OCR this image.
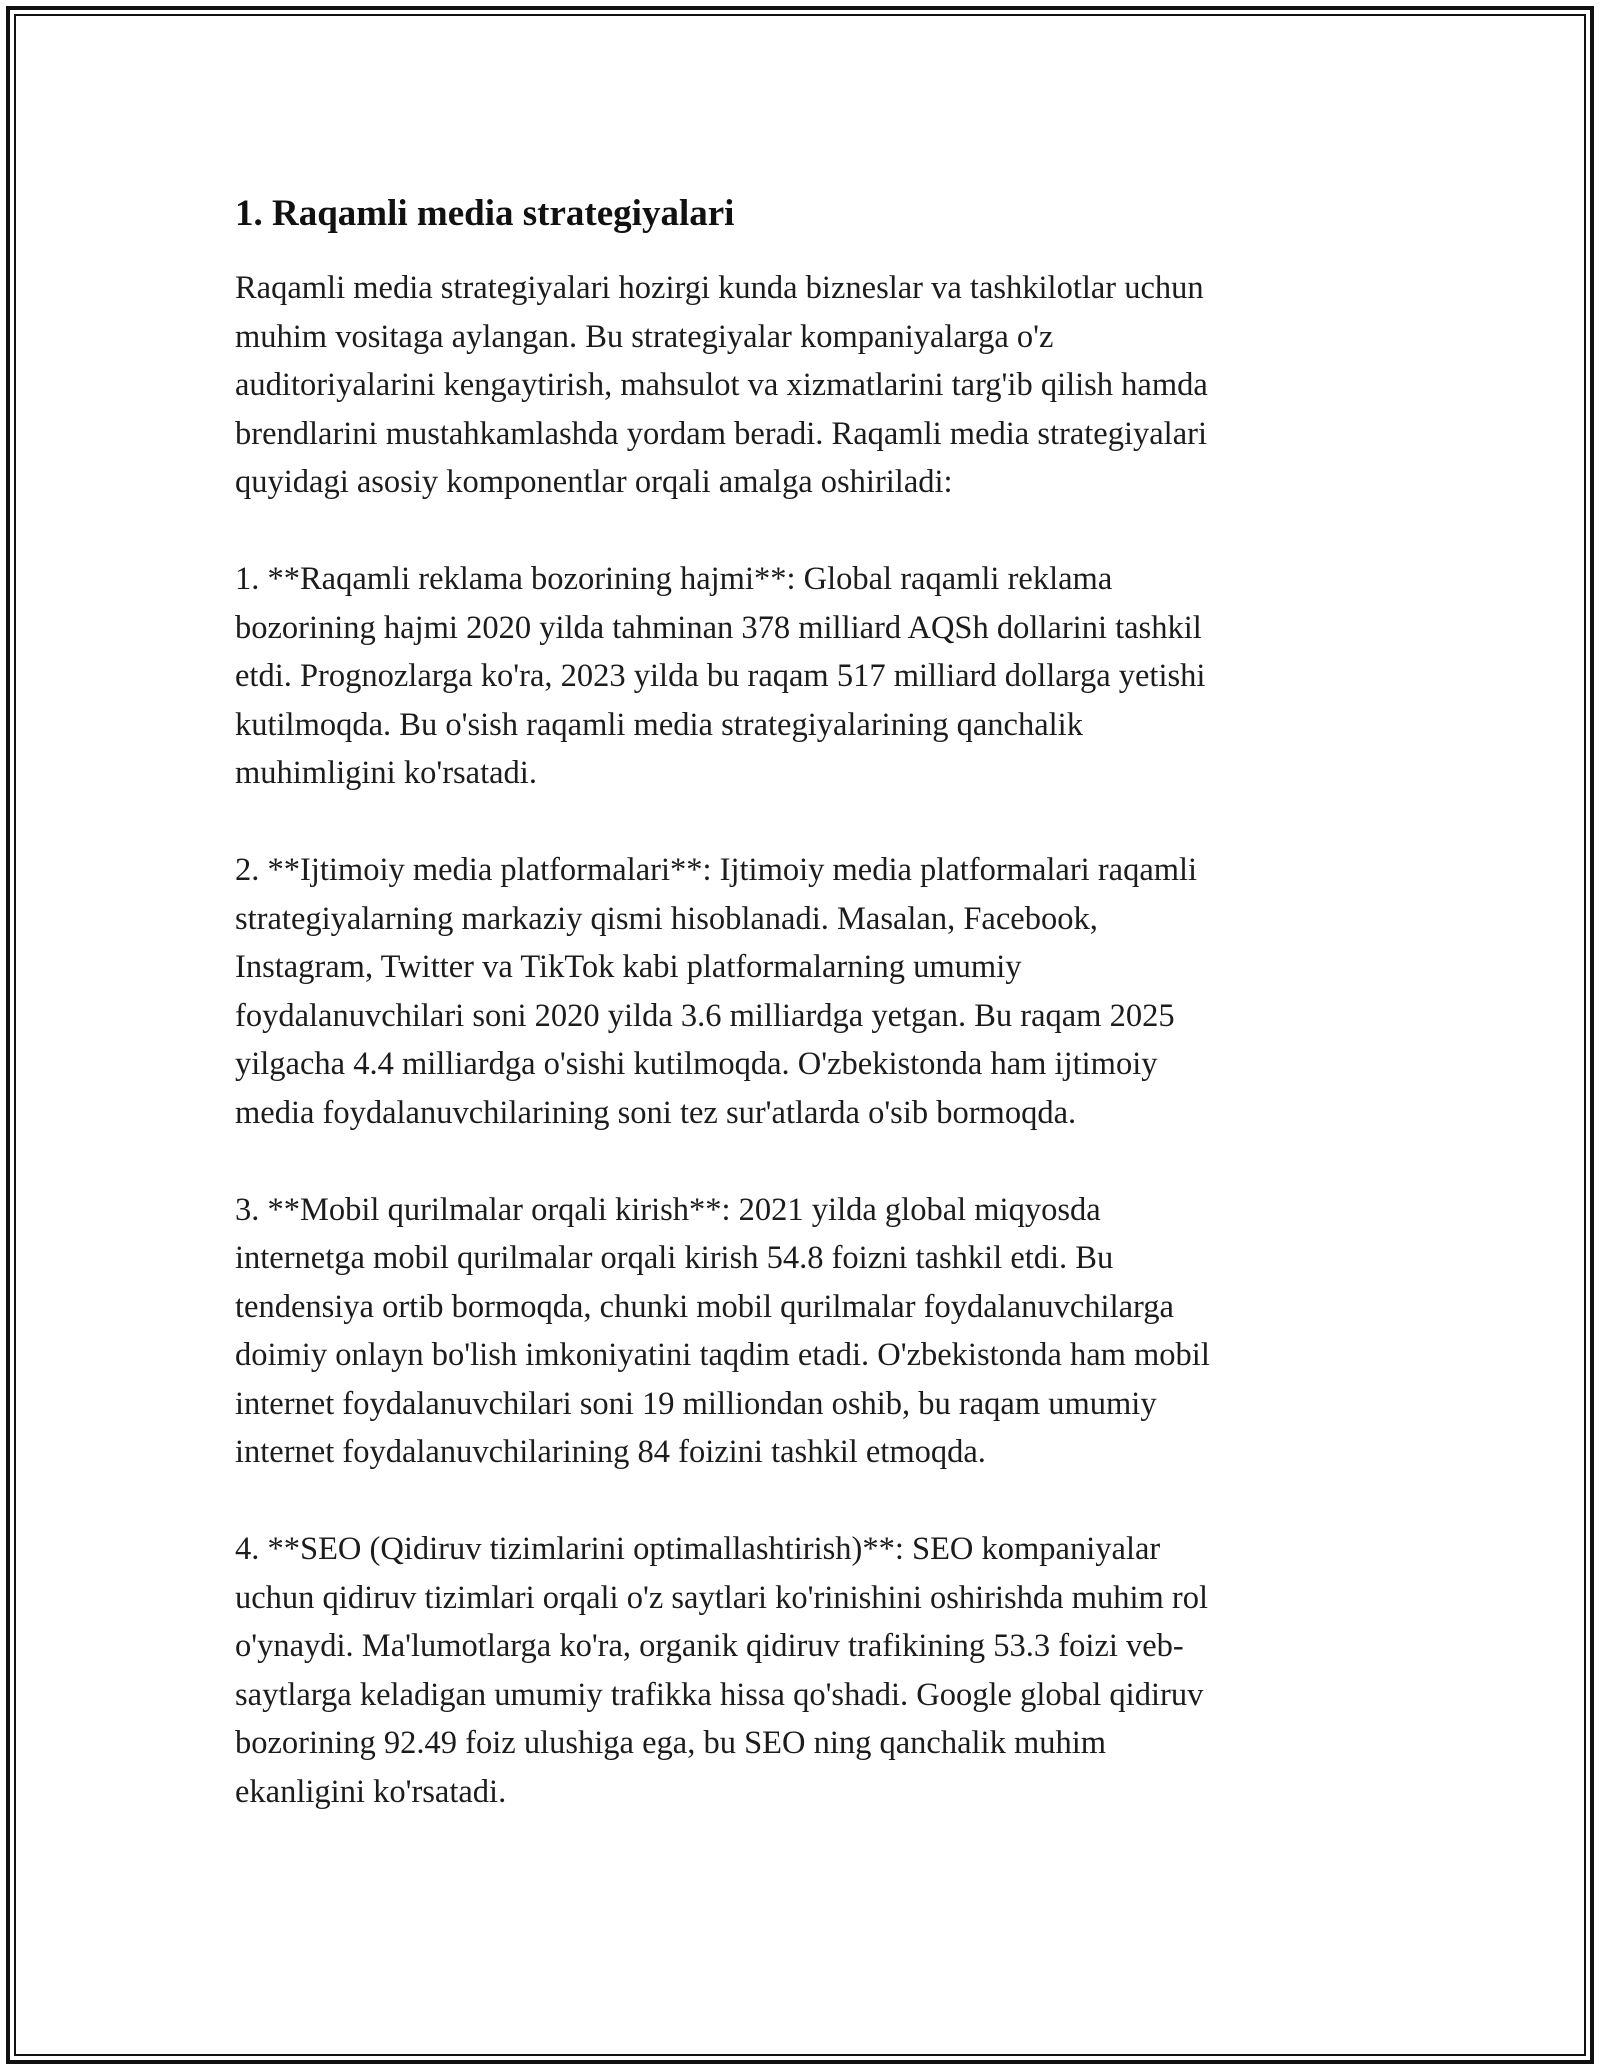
1. Raqamli media strategiyalari

Raqamli media strategiyalari hozirgi kunda bizneslar va tashkilotlar uchun
muhim vositaga aylangan. Bu strategiyalar kompaniyalarga o'z
auditoriyalarini kengaytirish, mahsulot va xizmatlarini targ'ib qilish hamda
brendlarini mustahkamlashda yordam beradi. Raqamli media strategiyalari
quyidagi asosiy komponentlar orqali amalga oshiriladi:

1. **Raqamli reklama bozorining hajmi**: Global raqamli reklama
bozorining hajmi 2020 yilda tahminan 378 milliard AQSh dollarini tashkil
etdi. Prognozlarga ko'ra, 2023 yilda bu raqam 517 milliard dollarga yetishi
kutilmoqda. Bu o'sish raqamli media strategiyalarining qanchalik
muhimligini ko'rsatadi.

2. **Ijtimoiy media platformalari**: Ijtimoiy media platformalari raqamli
strategiyalarning markaziy qismi hisoblanadi. Masalan, Facebook,
Instagram, Twitter va TikTok kabi platformalarning umumiy
foydalanuvchilari soni 2020 yilda 3.6 milliardga yetgan. Bu raqam 2025
yilgacha 4.4 milliardga o'sishi kutilmoqda. O'zbekistonda ham ijtimoiy
media foydalanuvchilarining soni tez sur'atlarda o'sib bormoqda.

3. **Mobil qurilmalar orqali kirish**: 2021 yilda global miqyosda
internetga mobil qurilmalar orqali kirish 54.8 foizni tashkil etdi. Bu
tendensiya ortib bormoqda, chunki mobil qurilmalar foydalanuvchilarga
doimiy onlayn bo'lish imkoniyatini taqdim etadi. O'zbekistonda ham mobil
internet foydalanuvchilari soni 19 milliondan oshib, bu raqam umumiy
internet foydalanuvchilarining 84 foizini tashkil etmoqda.

4. **SEO (Qidiruv tizimlarini optimallashtirish)**: SEO kompaniyalar
uchun qidiruv tizimlari orqali o'z saytlari ko'rinishini oshirishda muhim rol
o'ynaydi. Ma'lumotlarga ko'ra, organik qidiruv trafikining 53.3 foizi veb-
saytlarga keladigan umumiy trafikka hissa qo'shadi. Google global qidiruv
bozorining 92.49 foiz ulushiga ega, bu SEO ning qanchalik muhim
ekanligini ko'rsatadi.
